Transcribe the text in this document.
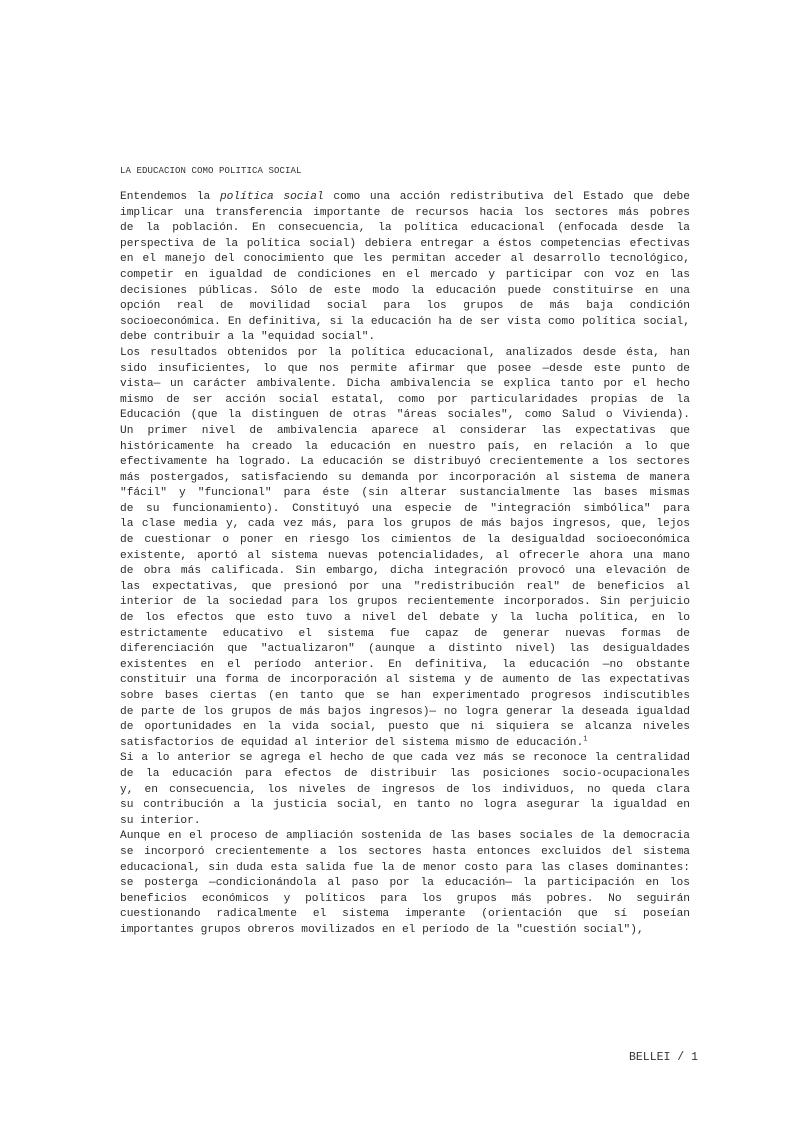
LA EDUCACION COMO POLITICA SOCIAL
Entendemos la política social como una acción redistributiva del Estado que debe
implicar una transferencia importante de recursos hacia los sectores más pobres
de la población. En consecuencia, la política educacional (enfocada desde la
perspectiva de la política social) debiera entregar a éstos competencias efectivas
en el manejo del conocimiento que les permitan acceder al desarrollo tecnológico,
competir en igualdad de condiciones en el mercado y participar con voz en las
decisiones públicas. Sólo de este modo la educación puede constituirse en una
opción real de movilidad social para los grupos de más baja condición
socioeconómica. En definitiva, si la educación ha de ser vista como política social,
debe contribuir a la "equidad social".
Los resultados obtenidos por la política educacional, analizados desde ésta, han
sido insuficientes, lo que nos permite afirmar que posee —desde este punto de
vista— un carácter ambivalente. Dicha ambivalencia se explica tanto por el hecho
mismo de ser acción social estatal, como por particularidades propias de la
Educación (que la distinguen de otras "áreas sociales", como Salud o Vivienda).
Un primer nivel de ambivalencia aparece al considerar las expectativas que
históricamente ha creado la educación en nuestro país, en relación a lo que
efectivamente ha logrado. La educación se distribuyó crecientemente a los sectores
más postergados, satisfaciendo su demanda por incorporación al sistema de manera
"fácil" y "funcional" para éste (sin alterar sustancialmente las bases mismas
de su funcionamiento). Constituyó una especie de "integración simbólica" para
la clase media y, cada vez más, para los grupos de más bajos ingresos, que, lejos
de cuestionar o poner en riesgo los cimientos de la desigualdad socioeconómica
existente, aportó al sistema nuevas potencialidades, al ofrecerle ahora una mano
de obra más calificada. Sin embargo, dicha integración provocó una elevación de
las expectativas, que presionó por una "redistribución real" de beneficios al
interior de la sociedad para los grupos recientemente incorporados. Sin perjuicio
de los efectos que esto tuvo a nivel del debate y la lucha política, en lo
estrictamente educativo el sistema fue capaz de generar nuevas formas de
diferenciación que "actualizaron" (aunque a distinto nivel) las desigualdades
existentes en el período anterior. En definitiva, la educación —no obstante
constituir una forma de incorporación al sistema y de aumento de las expectativas
sobre bases ciertas (en tanto que se han experimentado progresos indiscutibles
de parte de los grupos de más bajos ingresos)— no logra generar la deseada igualdad
de oportunidades en la vida social, puesto que ni siquiera se alcanza niveles
satisfactorios de equidad al interior del sistema mismo de educación.$^1$
Si a lo anterior se agrega el hecho de que cada vez más se reconoce la centralidad
de la educación para efectos de distribuir las posiciones socio-ocupacionales
y, en consecuencia, los niveles de ingresos de los individuos, no queda clara
su contribución a la justicia social, en tanto no logra asegurar la igualdad en
su interior.
Aunque en el proceso de ampliación sostenida de las bases sociales de la democracia
se incorporó crecientemente a los sectores hasta entonces excluidos del sistema
educacional, sin duda esta salida fue la de menor costo para las clases dominantes:
se posterga —condicionándola al paso por la educación— la participación en los
beneficios económicos y políticos para los grupos más pobres. No seguirán
cuestionando radicalmente el sistema imperante (orientación que sí poseían
importantes grupos obreros movilizados en el período de la "cuestión social"),
BELLEI / 1
